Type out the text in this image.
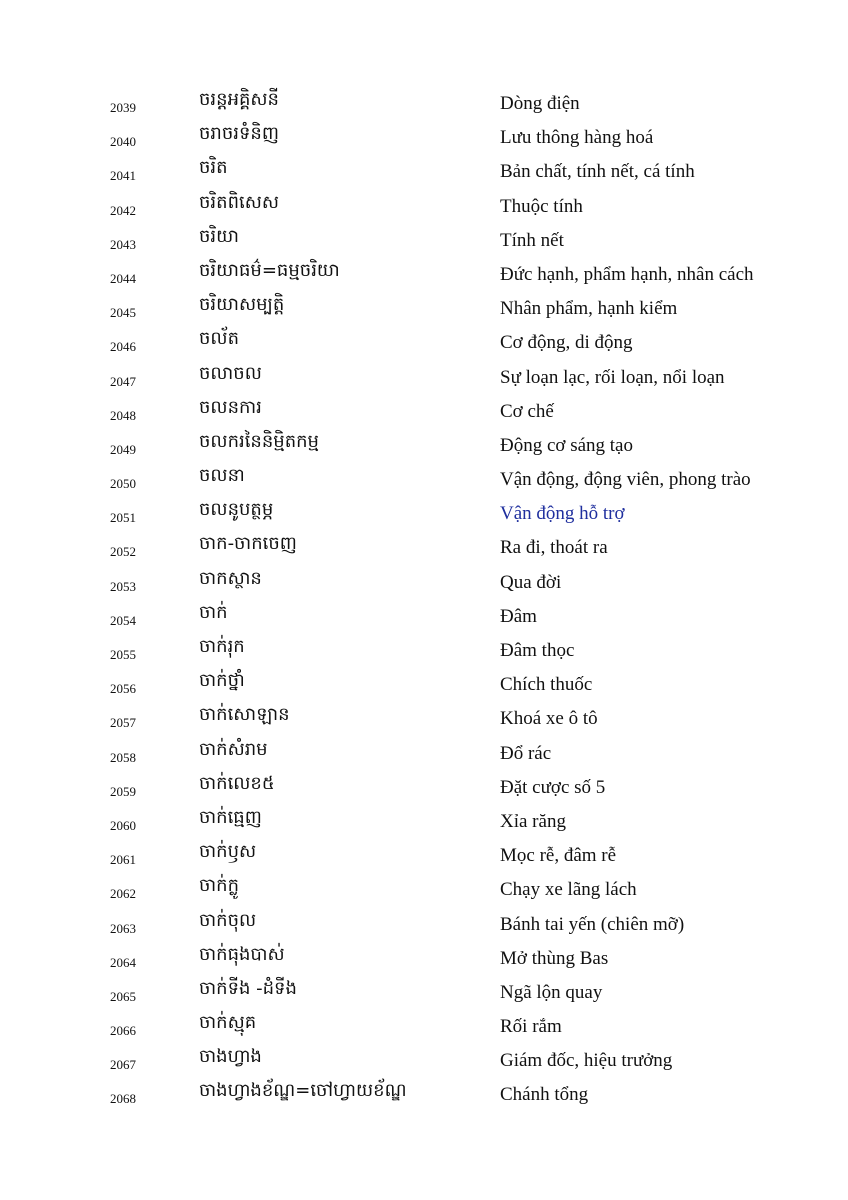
2039	ចរន្តអគ្គិសនី	Dòng điện
2040	ចរាចរទំនិញ	Lưu thông hàng hoá
2041	ចរិត	Bản chất, tính nết, cá tính
2042	ចរិតពិសេស	Thuộc tính
2043	ចរិយា	Tính nết
2044	ចរិយាធម៌=ធម្មចរិយា	Đức hạnh, phẩm hạnh, nhân cách
2045	ចរិយាសម្បត្តិ	Nhân phẩm, hạnh kiểm
2046	ចល័ត	Cơ động, di động
2047	ចលាចល	Sự loạn lạc, rối loạn, nổi loạn
2048	ចលនការ	Cơ chế
2049	ចលករនៃនិម្មិតកម្ម	Động cơ sáng tạo
2050	ចលនា	Vận động, động viên, phong trào
2051	ចលនូបត្ថម្ភ	Vận động hỗ trợ
2052	ចាក-ចាកចេញ	Ra đi, thoát ra
2053	ចាកស្ថាន	Qua đời
2054	ចាក់	Đâm
2055	ចាក់រុក	Đâm thọc
2056	ចាក់ថ្នាំ	Chích thuốc
2057	ចាក់សោឡាន	Khoá xe ô tô
2058	ចាក់សំរាម	Đổ rác
2059	ចាក់លេខ៥	Đặt cược số 5
2060	ចាក់ធ្មេញ	Xỉa răng
2061	ចាក់ឫស	Mọc rễ, đâm rễ
2062	ចាក់ក្លូ	Chạy xe lãng lách
2063	ចាក់ចុល	Bánh tai yến (chiên mỡ)
2064	ចាក់ធុងបាស់	Mở thùng Bas
2065	ចាក់ទីង -ដំទីង	Ngã lộn quay
2066	ចាក់ស្មុគ	Rối rắm
2067	ចាងហ្វាង	Giám đốc, hiệu trưởng
2068	ចាងហ្វាងខ័ណ្ឌ=ចៅហ្វាយខ័ណ្ឌ	Chánh tổng
